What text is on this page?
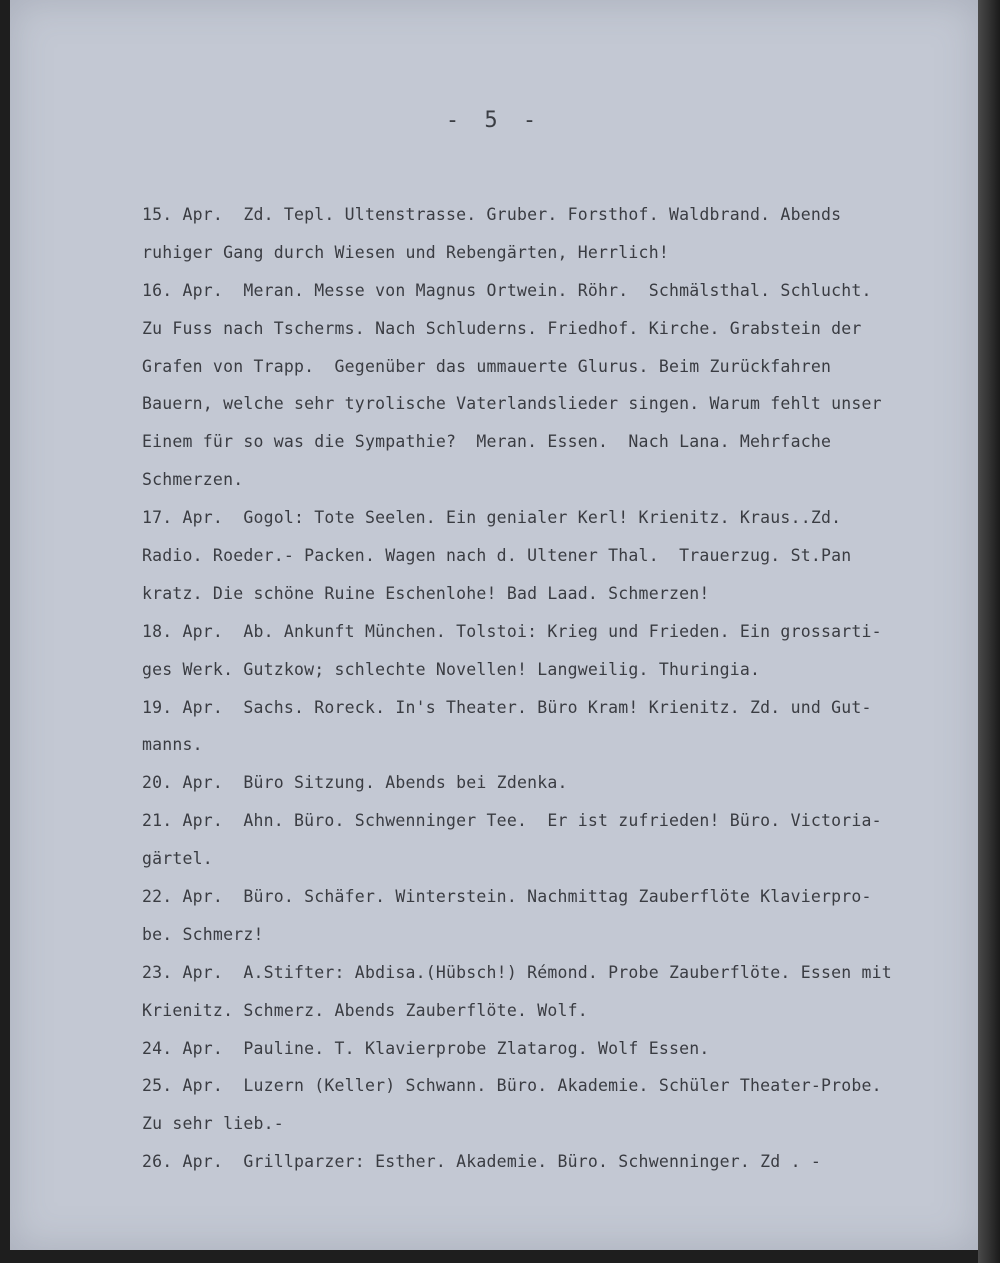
- 5 -
15. Apr.  Zd. Tepl. Ultenstrasse. Gruber. Forsthof. Waldbrand. Abends
ruhiger Gang durch Wiesen und Rebengärten, Herrlich!
16. Apr.  Meran. Messe von Magnus Ortwein. Röhr.  Schmälsthal. Schlucht.
Zu Fuss nach Tscherms. Nach Schluderns. Friedhof. Kirche. Grabstein der
Grafen von Trapp.  Gegenüber das ummauerte Glurus. Beim Zurückfahren
Bauern, welche sehr tyrolische Vaterlandslieder singen. Warum fehlt unser
Einem für so was die Sympathie?  Meran. Essen.  Nach Lana. Mehrfache
Schmerzen.
17. Apr.  Gogol: Tote Seelen. Ein genialer Kerl! Krienitz. Kraus..Zd.
Radio. Roeder.- Packen. Wagen nach d. Ultener Thal.  Trauerzug. St.Pan
kratz. Die schöne Ruine Eschenlohe! Bad Laad. Schmerzen!
18. Apr.  Ab. Ankunft München. Tolstoi: Krieg und Frieden. Ein grossarti-
ges Werk. Gutzkow; schlechte Novellen! Langweilig. Thuringia.
19. Apr.  Sachs. Roreck. In's Theater. Büro Kram! Krienitz. Zd. und Gut-
manns.
20. Apr.  Büro Sitzung. Abends bei Zdenka.
21. Apr.  Ahn. Büro. Schwenninger Tee.  Er ist zufrieden! Büro. Victoria-
gärtel.
22. Apr.  Büro. Schäfer. Winterstein. Nachmittag Zauberflöte Klavierpro-
be. Schmerz!
23. Apr.  A.Stifter: Abdisa.(Hübsch!) Rémond. Probe Zauberflöte. Essen mit
Krienitz. Schmerz. Abends Zauberflöte. Wolf.
24. Apr.  Pauline. T. Klavierprobe Zlatarog. Wolf Essen.
25. Apr.  Luzern (Keller) Schwann. Büro. Akademie. Schüler Theater-Probe.
Zu sehr lieb.-
26. Apr.  Grillparzer: Esther. Akademie. Büro. Schwenninger. Zd . -
